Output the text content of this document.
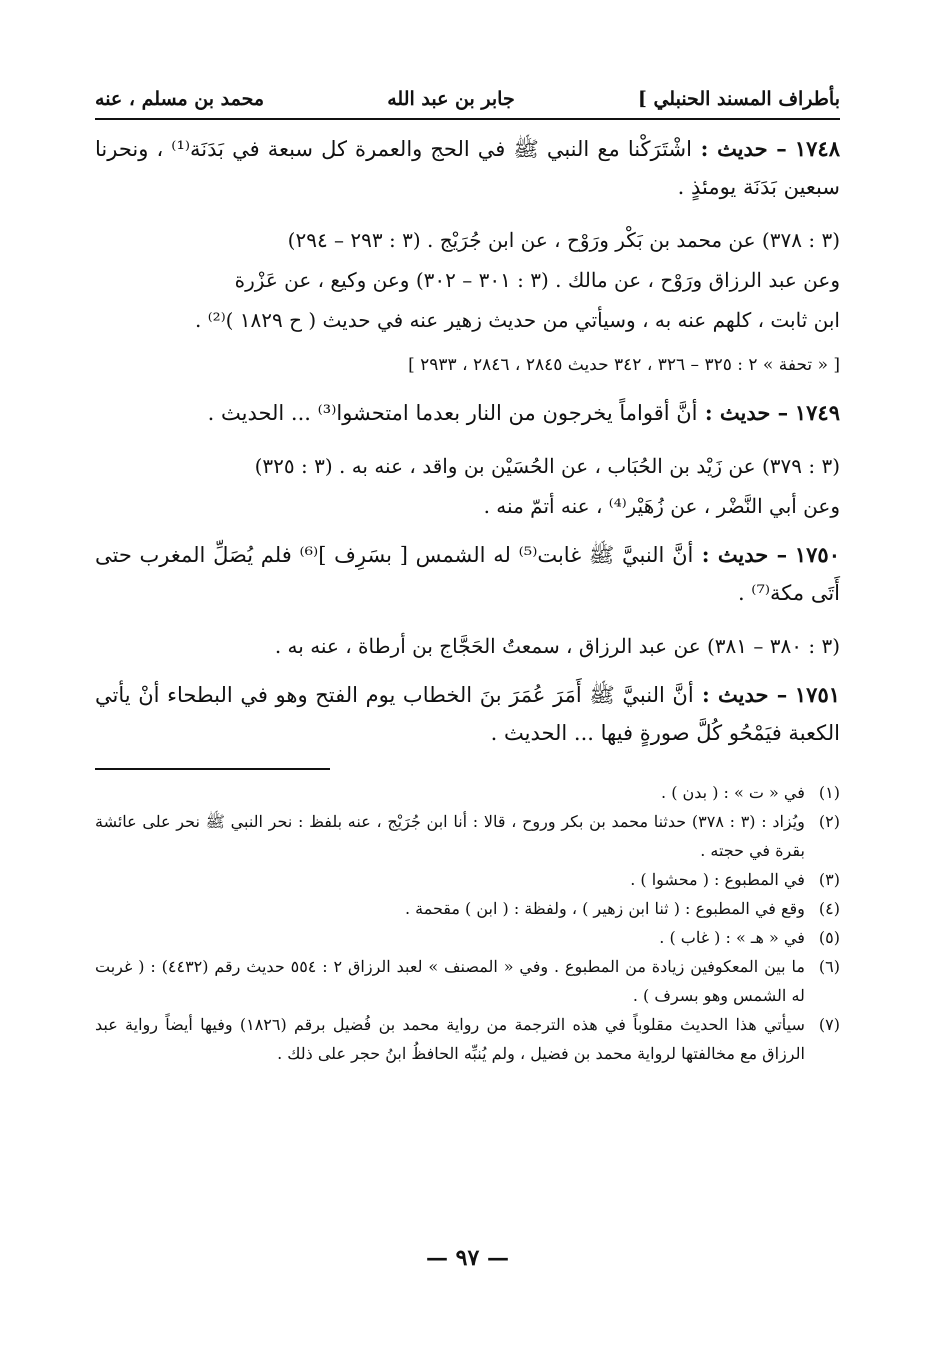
بأطراف المسند الحنبلي ]
جابر بن عبد الله
محمد بن مسلم ، عنه

١٧٤٨ – حديث : اشْتَرَكْنا مع النبي ﷺ في الحج والعمرة كل سبعة في بَدَنَة⁽¹⁾ ، ونحرنا سبعين بَدَنَة يومئذٍ .

(٣ : ٣٧٨) عن محمد بن بَكْر ورَوْح ، عن ابن جُرَيْج . (٣ : ٢٩٣ – ٢٩٤)

وعن عبد الرزاق ورَوْح ، عن مالك . (٣ : ٣٠١ – ٣٠٢) وعن وكيع ، عن عَزْرة

ابن ثابت ، كلهم عنه به ، وسيأتي من حديث زهير عنه في حديث ( ح ١٨٢٩ )⁽²⁾ .

[ « تحفة » ٢ : ٣٢٥ – ٣٢٦ ، ٣٤٢ حديث ٢٨٤٥ ، ٢٨٤٦ ، ٢٩٣٣ ]

١٧٤٩ – حديث : أنَّ أقواماً يخرجون من النار بعدما امتحشوا⁽³⁾ ... الحديث .

(٣ : ٣٧٩) عن زَيْد بن الحُبَاب ، عن الحُسَيْن بن واقد ، عنه به . (٣ : ٣٢٥)

وعن أبي النَّضْر ، عن زُهَيْر⁽⁴⁾ ، عنه أتمّ منه .

١٧٥٠ – حديث : أنَّ النبيَّ ﷺ غابت⁽⁵⁾ له الشمس [ بسَرِف ]⁽⁶⁾ فلم يُصَلِّ المغرب حتى أَتَى مكة⁽⁷⁾ .

(٣ : ٣٨٠ – ٣٨١) عن عبد الرزاق ، سمعتُ الحَجَّاج بن أرطاة ، عنه به .

١٧٥١ – حديث : أنَّ النبيَّ ﷺ أَمَرَ عُمَرَ بنَ الخطاب يوم الفتح وهو في البطحاء أنْ يأتي الكعبة فيَمْحُو كُلَّ صورةٍ فيها ... الحديث .

(١)
في « ت » : ( بدن ) .
(٢)
ويُزاد : (٣ : ٣٧٨) حدثنا محمد بن بكر وروح ، قالا : أنا ابن جُرَيْج ، عنه بلفظ : نحر النبي ﷺ نحر على عائشة بقرة في حجته .
(٣)
في المطبوع : ( محشوا ) .
(٤)
وقع في المطبوع : ( ثنا ابن زهير ) ، ولفظة : ( ابن ) مقحمة .
(٥)
في « هـ » : ( غاب ) .
(٦)
ما بين المعكوفين زيادة من المطبوع . وفي « المصنف » لعبد الرزاق ٢ : ٥٥٤ حديث رقم (٤٤٣٢) : ( غربت له الشمس وهو بسرف ) .
(٧)
سيأتي هذا الحديث مقلوباً في هذه الترجمة من رواية محمد بن فُضيل برقم (١٨٢٦) وفيها أيضاً رواية عبد الرزاق مع مخالفتها لرواية محمد بن فضيل ، ولم يُنبِّه الحافظُ ابنُ حجر على ذلك .
— ٩٧ —
